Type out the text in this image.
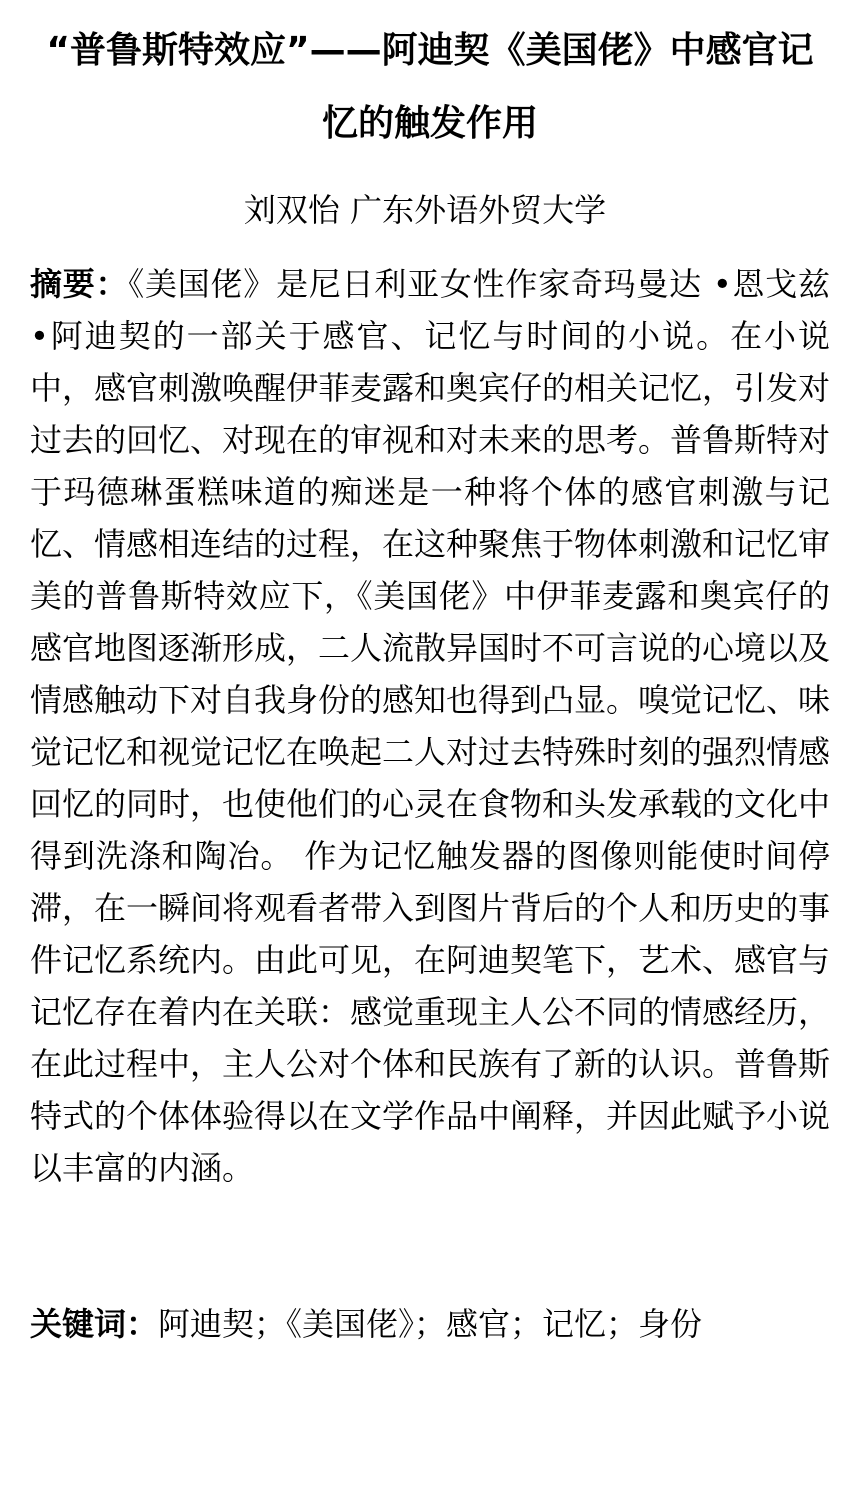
“普鲁斯特效应”——阿迪契《美国佬》中感官记忆的触发作用
刘双怡 广东外语外贸大学
摘要：《美国佬》是尼日利亚女性作家奇玛曼达 •恩戈兹 •阿迪契的一部关于感官、记忆与时间的小说。在小说中，感官刺激唤醒伊菲麦露和奥宾仔的相关记忆，引发对过去的回忆、对现在的审视和对未来的思考。普鲁斯特对于玛德琳蛋糕味道的痴迷是一种将个体的感官刺激与记忆、情感相连结的过程，在这种聚焦于物体刺激和记忆审美的普鲁斯特效应下，《美国佬》中伊菲麦露和奥宾仔的感官地图逐渐形成，二人流散异国时不可言说的心境以及情感触动下对自我身份的感知也得到凸显。嗅觉记忆、味觉记忆和视觉记忆在唤起二人对过去特殊时刻的强烈情感回忆的同时，也使他们的心灵在食物和头发承载的文化中得到洗涤和陶冶。 作为记忆触发器的图像则能使时间停滞，在一瞬间将观看者带入到图片背后的个人和历史的事件记忆系统内。由此可见，在阿迪契笔下，艺术、感官与记忆存在着内在关联：感觉重现主人公不同的情感经历，在此过程中，主人公对个体和民族有了新的认识。普鲁斯特式的个体体验得以在文学作品中阐释，并因此赋予小说以丰富的内涵。
关键词：阿迪契；《美国佬》；感官；记忆；身份
